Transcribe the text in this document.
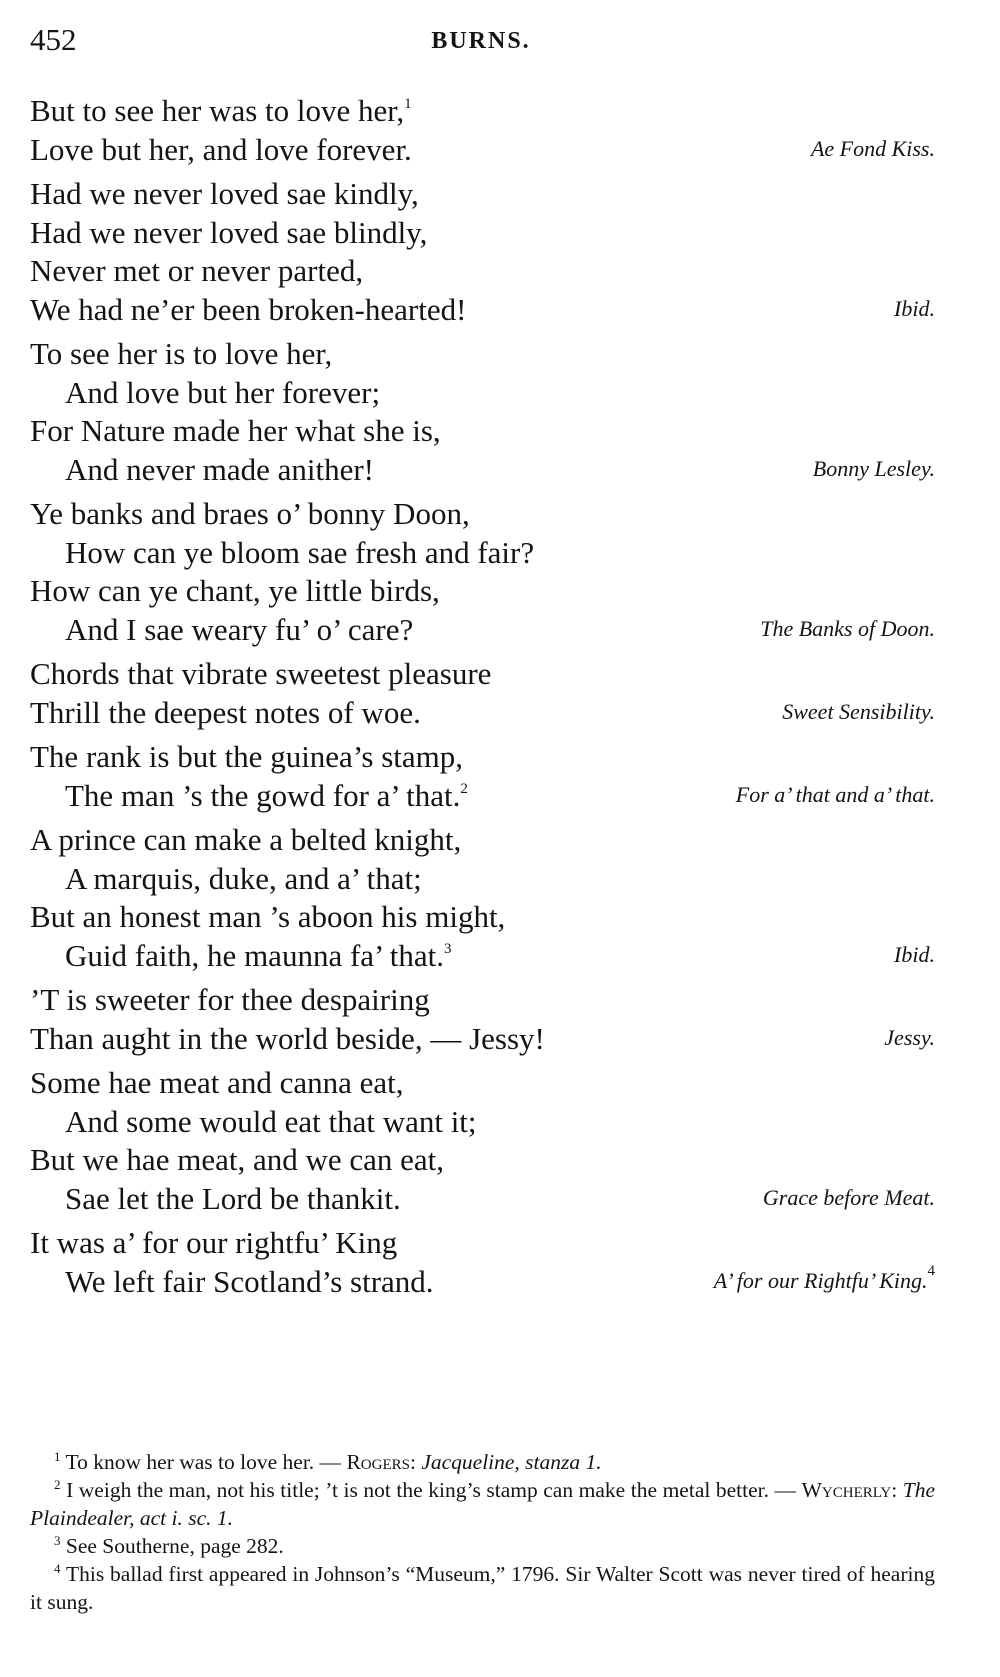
452	BURNS.
But to see her was to love her,$^1$
Love but her, and love forever.	Ae Fond Kiss.
Had we never loved sae kindly,
Had we never loved sae blindly,
Never met or never parted,
We had ne’er been broken-hearted!	Ibid.
To see her is to love her,
And love but her forever;
For Nature made her what she is,
And never made anither!	Bonny Lesley.
Ye banks and braes o’ bonny Doon,
How can ye bloom sae fresh and fair?
How can ye chant, ye little birds,
And I sae weary fu’ o’ care?	The Banks of Doon.
Chords that vibrate sweetest pleasure
Thrill the deepest notes of woe.	Sweet Sensibility.
The rank is but the guinea’s stamp,
The man ’s the gowd for a’ that.$^2$	For a’ that and a’ that.
A prince can make a belted knight,
A marquis, duke, and a’ that;
But an honest man ’s aboon his might,
Guid faith, he maunna fa’ that.$^3$	Ibid.
’T is sweeter for thee despairing
Than aught in the world beside, — Jessy!	Jessy.
Some hae meat and canna eat,
And some would eat that want it;
But we hae meat, and we can eat,
Sae let the Lord be thankit.	Grace before Meat.
It was a’ for our rightfu’ King
We left fair Scotland’s strand.	A’ for our Rightfu’ King.$^4$
$^1$ To know her was to love her. — Rogers: Jacqueline, stanza 1.
$^2$ I weigh the man, not his title; ’t is not the king’s stamp can make the metal better. — Wycherly: The Plaindealer, act i. sc. 1.
$^3$ See Southerne, page 282.
$^4$ This ballad first appeared in Johnson’s “Museum,” 1796. Sir Walter Scott was never tired of hearing it sung.
